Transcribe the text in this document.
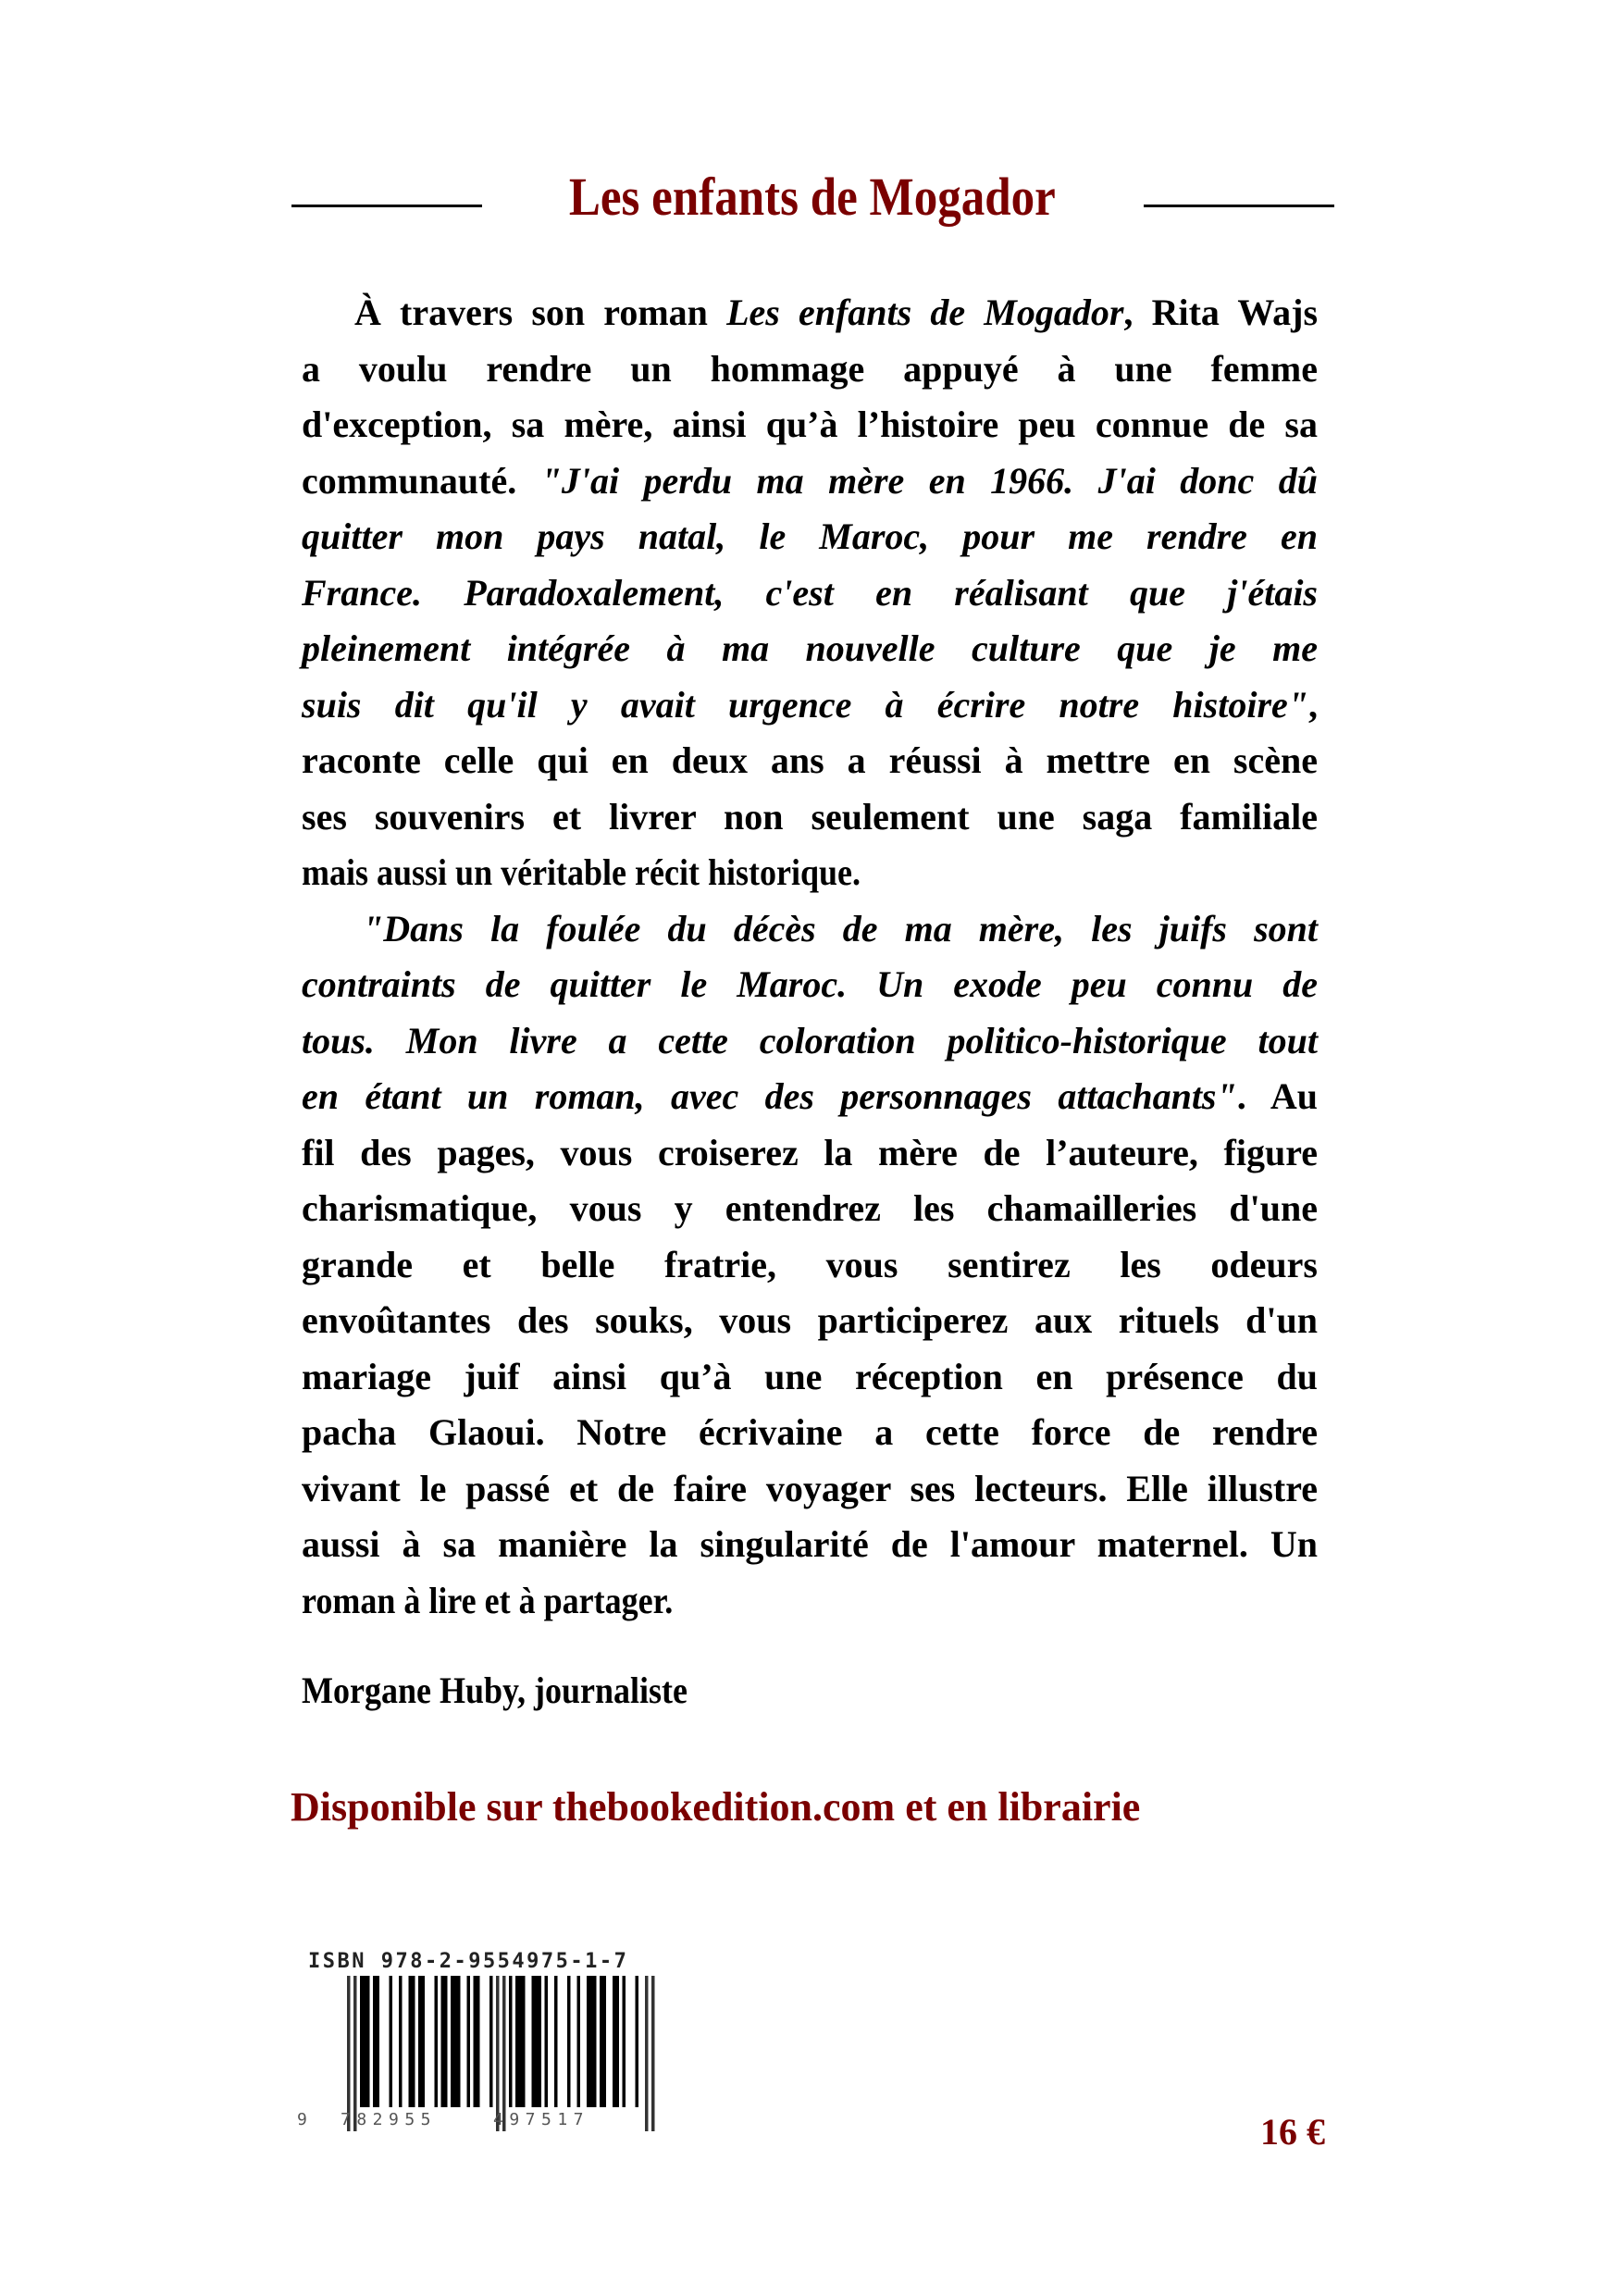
Les enfants de Mogador
À travers son roman Les enfants de Mogador, Rita Wajs
a voulu rendre un hommage appuyé à une femme
d'exception, sa mère, ainsi qu’à l’histoire peu connue de sa
communauté. "J'ai perdu ma mère en 1966. J'ai donc dû
quitter mon pays natal, le Maroc, pour me rendre en
France. Paradoxalement, c'est en réalisant que j'étais
pleinement intégrée à ma nouvelle culture que je me
suis dit qu'il y avait urgence à écrire notre histoire",
raconte celle qui en deux ans a réussi à mettre en scène
ses souvenirs et livrer non seulement une saga familiale
mais aussi un véritable récit historique.
"Dans la foulée du décès de ma mère, les juifs sont
contraints de quitter le Maroc. Un exode peu connu de
tous. Mon livre a cette coloration politico-historique tout
en étant un roman, avec des personnages attachants". Au
fil des pages, vous croiserez la mère de l’auteure, figure
charismatique, vous y entendrez les chamailleries d'une
grande et belle fratrie, vous sentirez les odeurs
envoûtantes des souks, vous participerez aux rituels d'un
mariage juif ainsi qu’à une réception en présence du
pacha Glaoui. Notre écrivaine a cette force de rendre
vivant le passé et de faire voyager ses lecteurs. Elle illustre
aussi à sa manière la singularité de l'amour maternel. Un
roman à lire et à partager.
Morgane Huby, journaliste
Disponible sur thebookedition.com et en librairie
ISBN 978-2-9554975-1-7
9 782955	497517	16 €
